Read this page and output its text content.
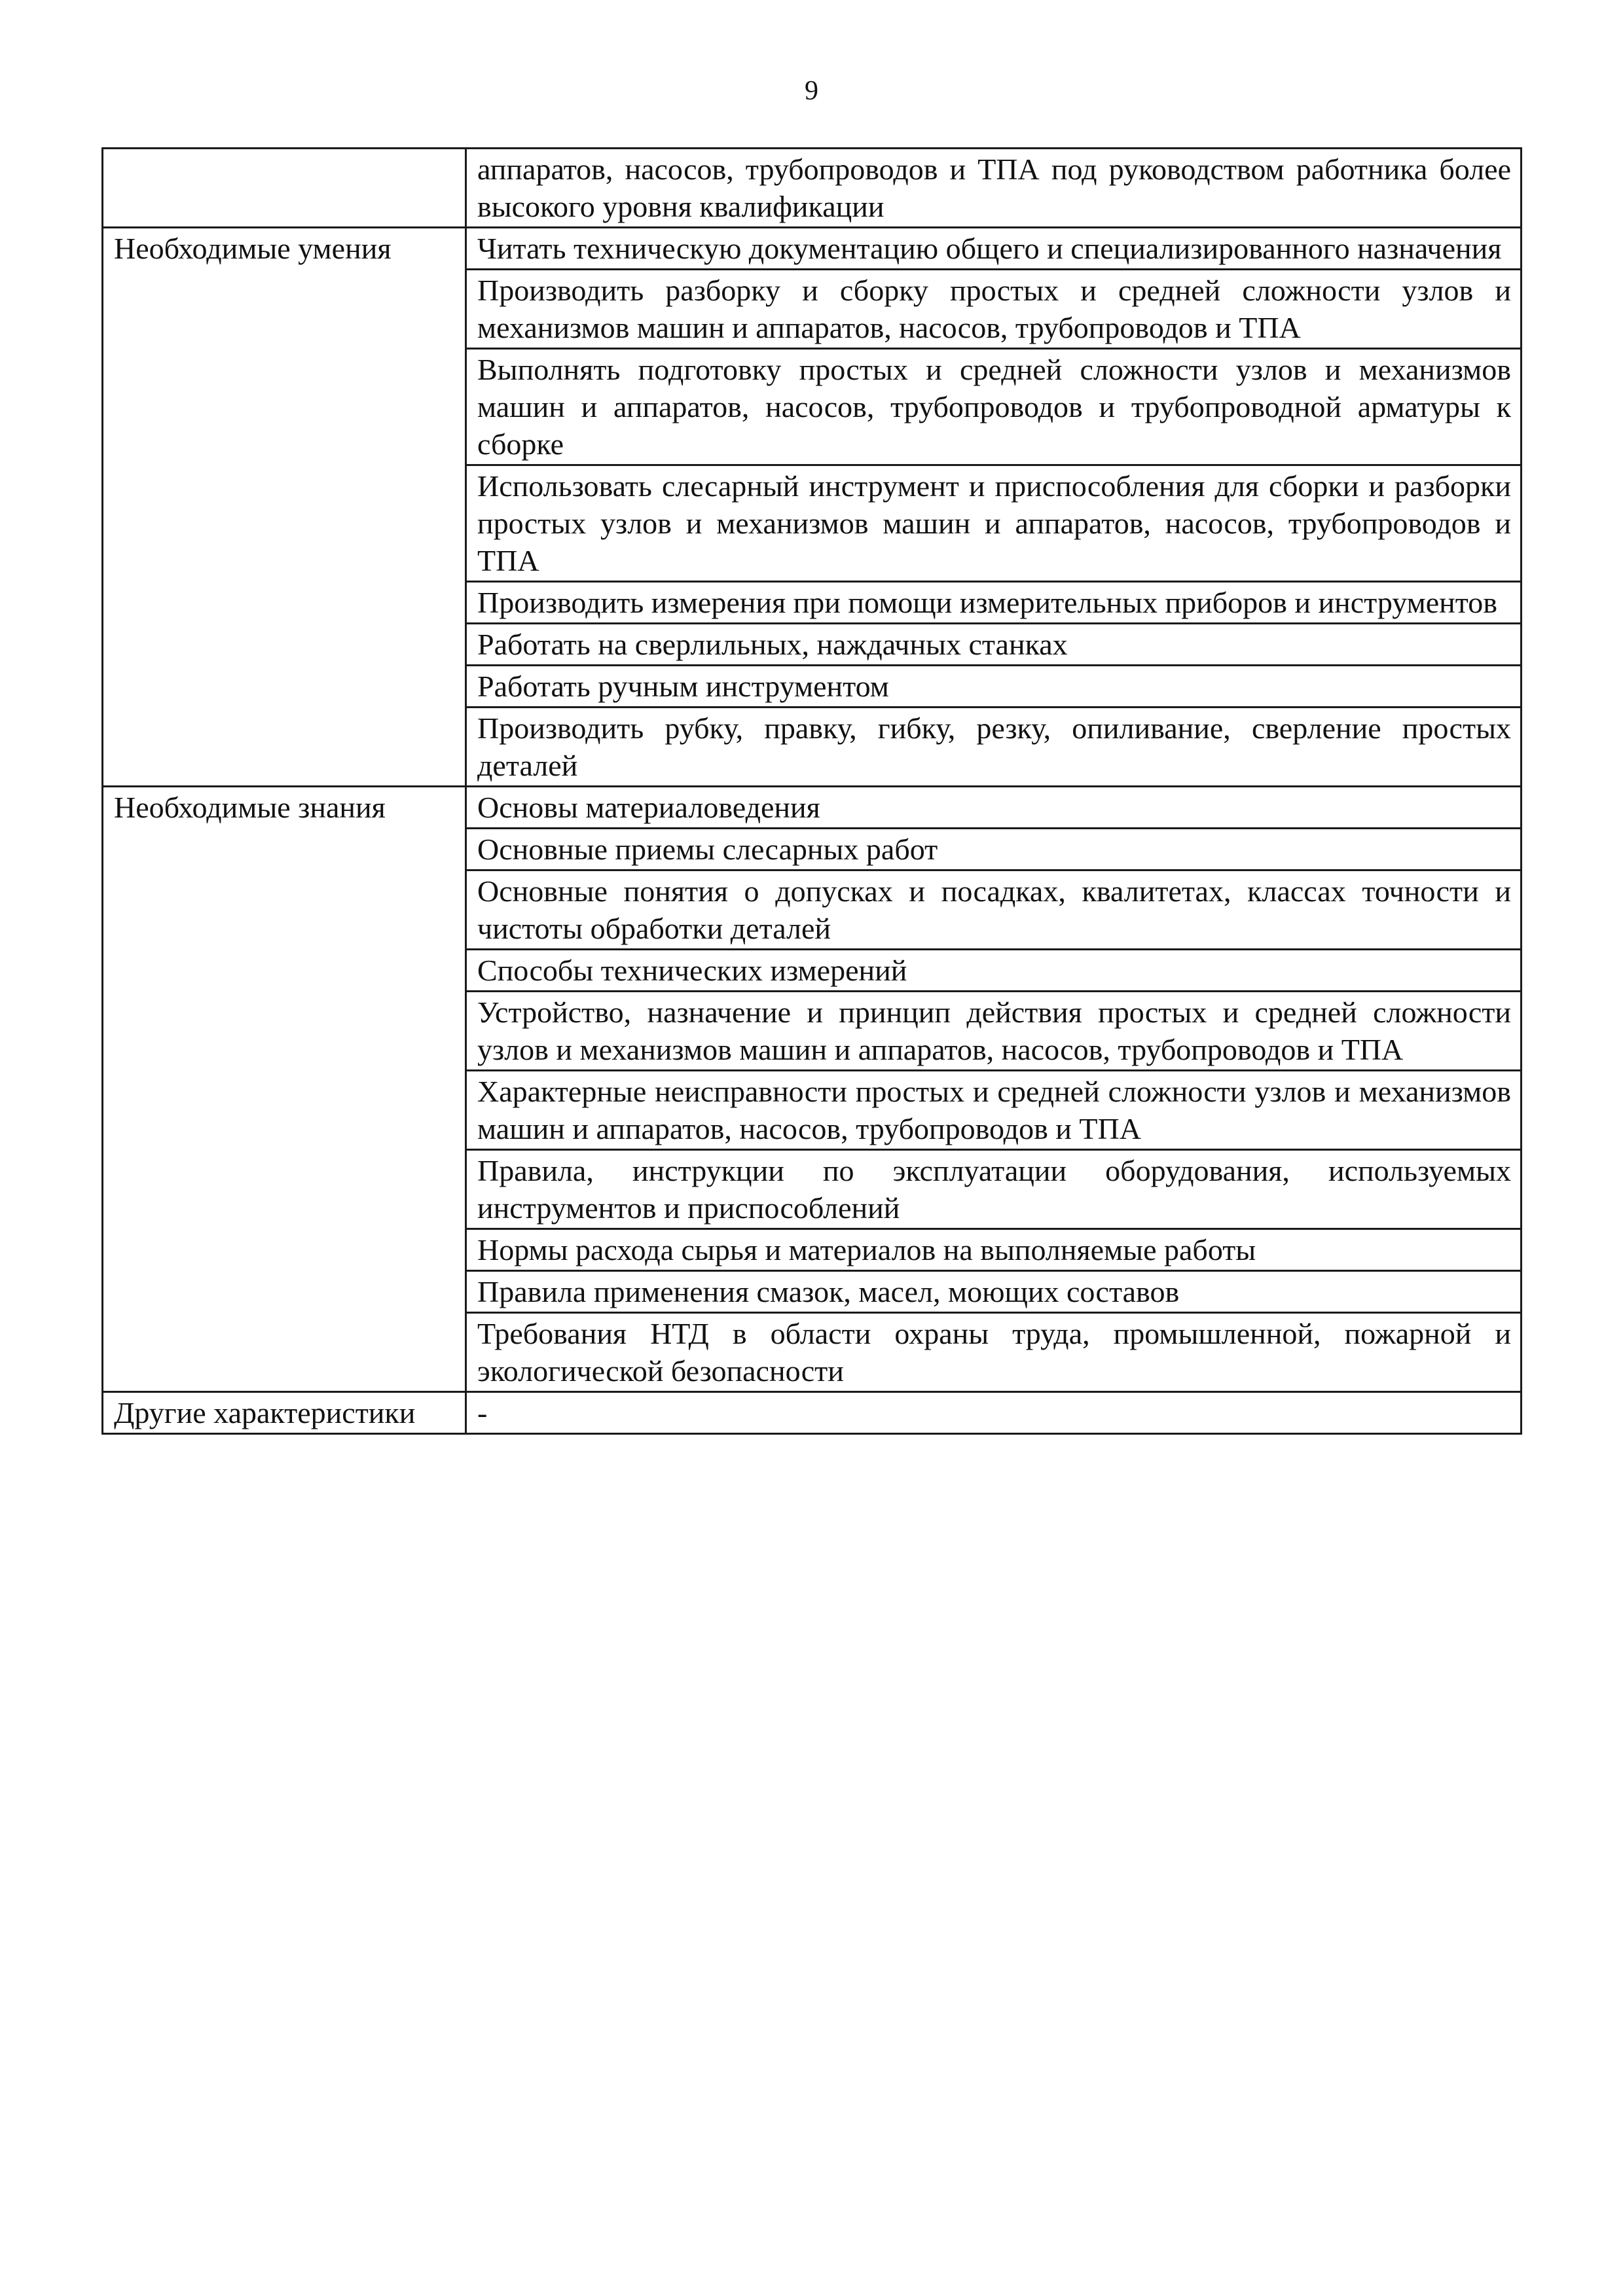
9
	аппаратов, насосов, трубопроводов и ТПА под руководством работника более высокого уровня квалификации
Необходимые умения	Читать техническую документацию общего и специализированного назначения
	Производить разборку и сборку простых и средней сложности узлов и механизмов машин и аппаратов, насосов, трубопроводов и ТПА
	Выполнять подготовку простых и средней сложности узлов и механизмов машин и аппаратов, насосов, трубопроводов и трубопроводной арматуры к сборке
	Использовать слесарный инструмент и приспособления для сборки и разборки простых узлов и механизмов машин и аппаратов, насосов, трубопроводов и ТПА
	Производить измерения при помощи измерительных приборов и инструментов
	Работать на сверлильных, наждачных станках
	Работать ручным инструментом
	Производить рубку, правку, гибку, резку, опиливание, сверление простых деталей
Необходимые знания	Основы материаловедения
	Основные приемы слесарных работ
	Основные понятия о допусках и посадках, квалитетах, классах точности и чистоты обработки деталей
	Способы технических измерений
	Устройство, назначение и принцип действия простых и средней сложности узлов и механизмов машин и аппаратов, насосов, трубопроводов и ТПА
	Характерные неисправности простых и средней сложности узлов и механизмов машин и аппаратов, насосов, трубопроводов и ТПА
	Правила, инструкции по эксплуатации оборудования, используемых инструментов и приспособлений
	Нормы расхода сырья и материалов на выполняемые работы
	Правила применения смазок, масел, моющих составов
	Требования НТД в области охраны труда, промышленной, пожарной и экологической безопасности
Другие характеристики	-
